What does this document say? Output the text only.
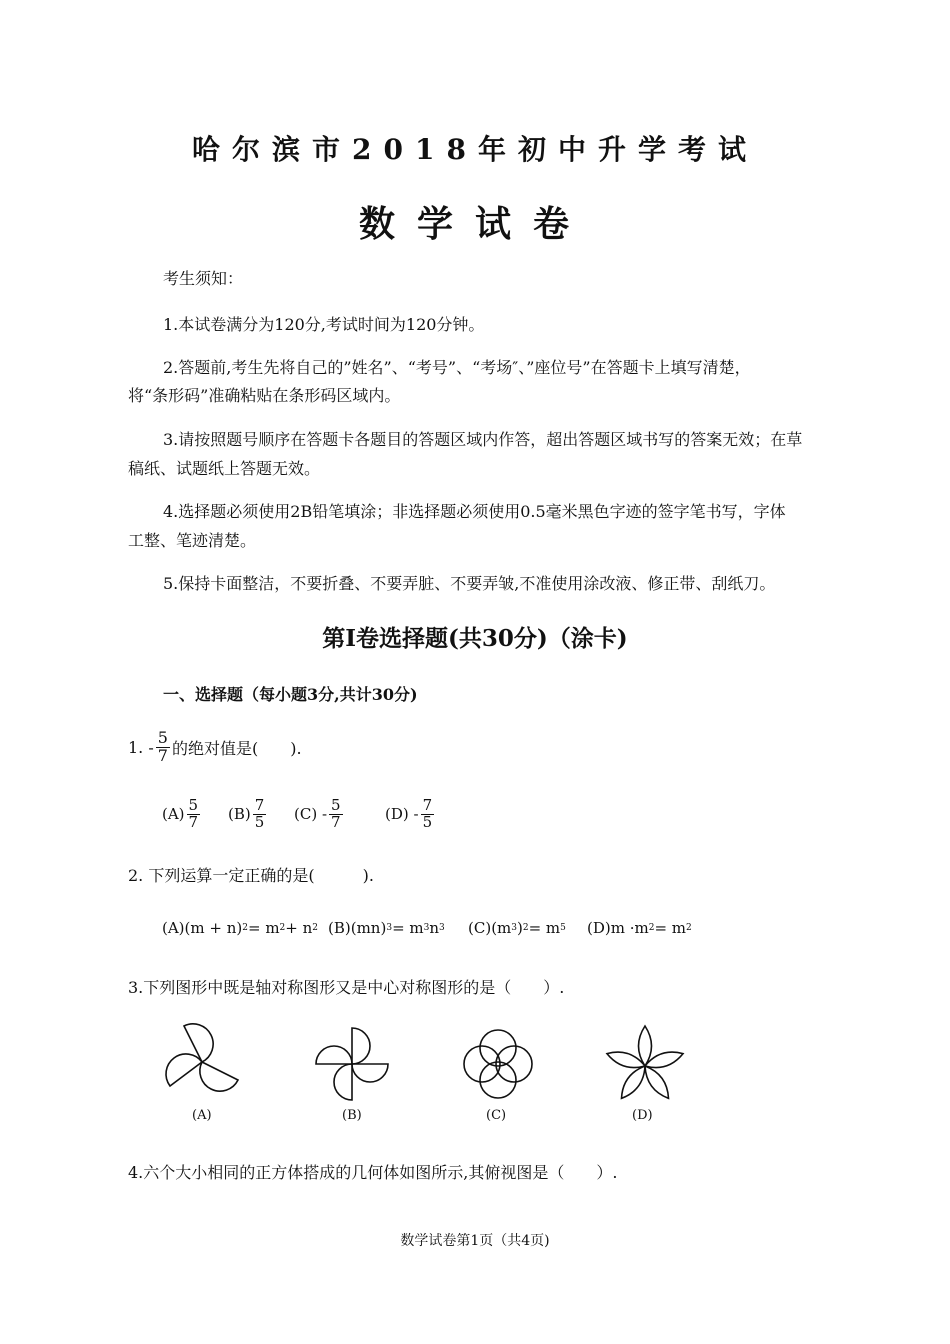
哈尔滨市2018年初中升学考试
数学试卷
考生须知：
1.本试卷满分为120分,考试时间为120分钟。
2.答题前,考生先将自己的”姓名”、“考号”、“考场″、”座位号”在答题卡上填写清楚，
将“条形码”准确粘贴在条形码区域内。
3.请按照题号顺序在答题卡各题目的答题区域内作答，超出答题区域书写的答案无效；在草
稿纸、试题纸上答题无效。
4.选择题必须使用2B铅笔填涂；非选择题必须使用0.5毫米黑色字迹的签字笔书写，字体
工整、笔迹清楚。
5.保持卡面整洁，不要折叠、不要弄脏、不要弄皱,不准使用涂改液、修正带、刮纸刀。
第Ⅰ卷选择题(共30分)（涂卡)
一、选择题（每小题3分,共计30分)
1. - $\frac{5}{7}$ 的绝对值是(　　).
$(A) \frac{5}{7} (B) \frac{7}{5} (C) - \frac{5}{7}$	$(D) - \frac{7}{5}$
2. 下列运算一定正确的是(　　　).
(A) (m + n) 2 = m 2 + n 2 (B) (mn) 3 = m 3 n 3 (C) (m 3 ) 2 = m 5 (D) m ·m 2 = m 2
3.下列图形中既是轴对称图形又是中心对称图形的是（　　）.
(A)	(B)	(C)	(D)
4.六个大小相同的正方体搭成的几何体如图所示,其俯视图是（　　）.
数学试卷第1页（共4页)
